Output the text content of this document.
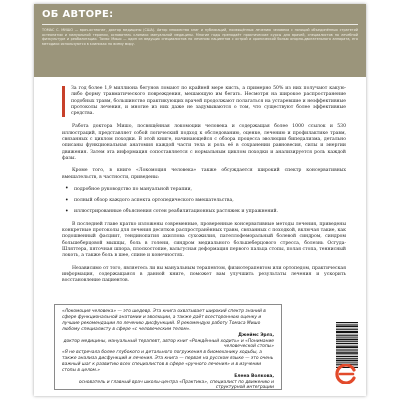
ОБ АВТОРЕ:
ТОМАС С. МИШО — врач-остеопат, доктор медицины (США). Автор множества книг и публикаций, посвящённых лечению человека с позиций объединённых стратегий остеопатии и мануальной терапии, основатель клиники мануальной медицины. Многие годы преподаёт практические курсы для врачей, специалистов по лечебной физкультуре и реабилитации. Томас Мишо — один из ведущих специалистов по лечению пациентов с острой и хронической болью опорно-двигательного аппарата, его методики используются в клиниках по всему миру.
За год более 1,9 миллиона бегунов ломают по крайней мере кисть, а примерно 50% из них получают какую-либо форму травматического повреждения, мешающую им бегать. Несмотря на широкое распространение подобных травм, большинство практикующих врачей продолжают полагаться на устаревшие и неэффективные протоколы лечения, и многие из них даже не задумываются о том, что существуют более эффективные средства.

Работа доктора Мишо, посвящённая локомоции человека и содержащая более 1000 ссылок и 530 иллюстраций, представляет собой логический подход к обследованию, оценке, лечению и профилактике травм, связанных с циклом походки. В этой книге, начинающейся с обзора процесса эволюции бипедализма, детально описаны функциональная анатомия каждой части тела и роль её в сохранении равновесия, силы и энергии движения. Затем эта информация сопоставляется с нормальным циклом походки и анализируется роль каждой фазы.

Кроме того, в книге «Локомоция человека» также обсуждается широкий спектр консервативных вмешательств, в частности, приведены:

• подробное руководство по мануальной терапии,
• полный обзор каждого аспекта ортопедического вмешательства,
• иллюстрированные объяснения сотен реабилитационных растяжек и упражнений.

В последней главе кратко изложены современные, проверенные консервативные методы лечения, приведены конкретные протоколы для лечения десятков распространённых травм, связанных с походкой, включая такие, как подошвенный фасциит, тендинопатия ахиллова сухожилия, пателлофеморальный болевой синдром, синдром большеберцовой мышцы, боль в голени, синдром медиального большеберцового стресса, болезнь Осгуда-Шляттера, пяточная шпора, плоскостопие, вальгусная деформация первого пальца стопы, полая стопа, теннисный локоть, а также боль в шее, спине и конечностях.

Независимо от того, являетесь ли вы мануальным терапевтом, физиотерапевтом или ортопедом, практическая информация, содержащаяся в данной книге, поможет вам улучшить результаты лечения и ускорить восстановление пациентов.

«Локомоция человека» — это шедевр. Эта книга охватывает широкий спектр знаний в сфере функциональной анатомии и эволюции, а также даёт всестороннюю оценку и лучшие рекомендации по лечению дисфункций. Я рекомендую работу Томаса Мишо любому специалисту в сфере «с человеческим телом».
Джеймс Эрлз,
доктор медицины, мануальный терапевт, автор книг «Рождённый ходить» и «Понимание человеческой стопы»
«Я не встречала более глубокого и детального погружения в биомеханику ходьбы, а также анализа дисфункций и лечения. Эта книга — первая на русском языке — это очень важный шаг к развитию всех специалистов в сфере «ручного лечения» и в изучении стопы в целом.»
Елена Волкова,
основатель и главный врач школы-центра «Практика», специалист по движению и структурной интеграции
